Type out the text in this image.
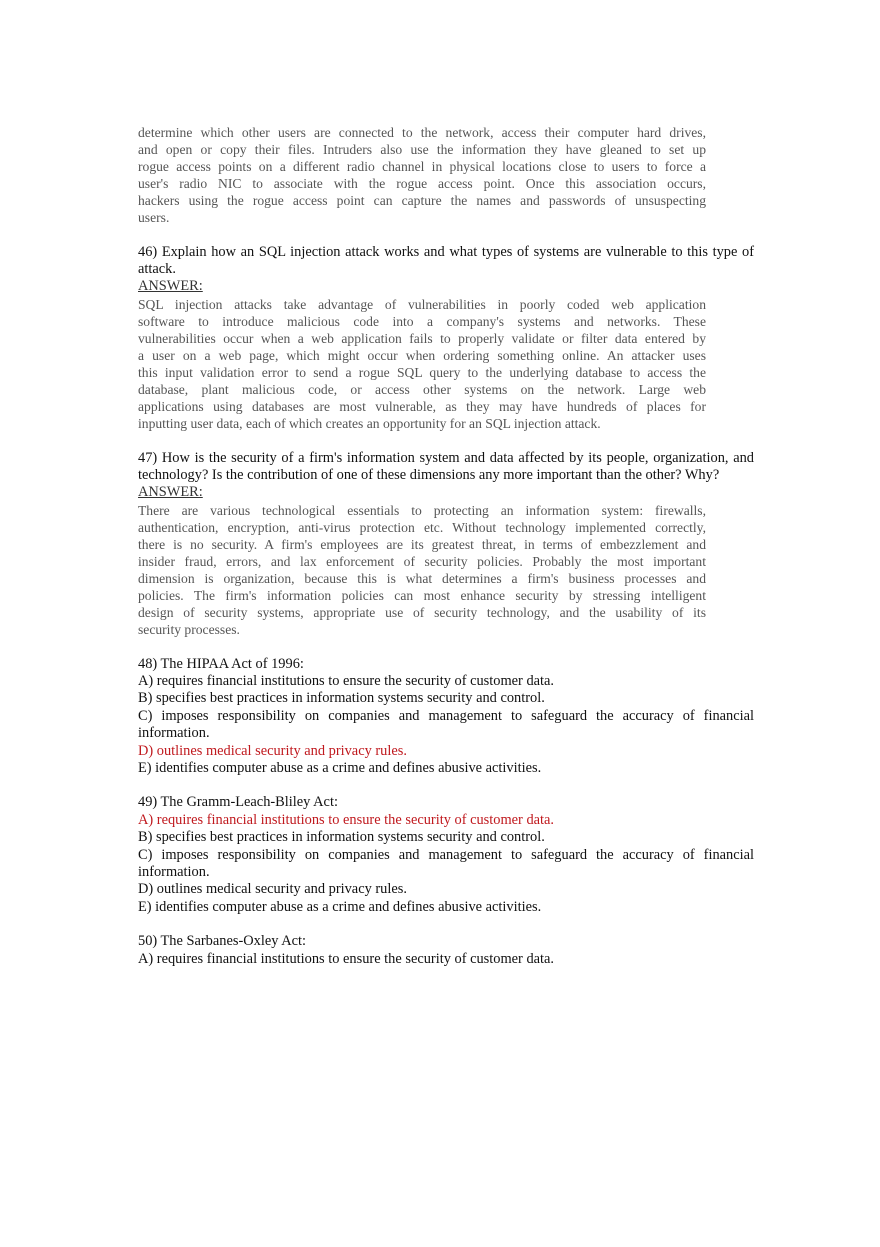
determine which other users are connected to the network, access their computer hard drives,
and open or copy their files. Intruders also use the information they have gleaned to set up
rogue access points on a different radio channel in physical locations close to users to force a
user's radio NIC to associate with the rogue access point. Once this association occurs,
hackers using the rogue access point can capture the names and passwords of unsuspecting
users.
46) Explain how an SQL injection attack works and what types of systems are vulnerable to this type of
attack.
ANSWER:
SQL injection attacks take advantage of vulnerabilities in poorly coded web application
software to introduce malicious code into a company's systems and networks. These
vulnerabilities occur when a web application fails to properly validate or filter data entered by
a user on a web page, which might occur when ordering something online. An attacker uses
this input validation error to send a rogue SQL query to the underlying database to access the
database, plant malicious code, or access other systems on the network. Large web
applications using databases are most vulnerable, as they may have hundreds of places for
inputting user data, each of which creates an opportunity for an SQL injection attack.
47) How is the security of a firm's information system and data affected by its people, organization, and
technology? Is the contribution of one of these dimensions any more important than the other? Why?
ANSWER:
There are various technological essentials to protecting an information system: firewalls,
authentication, encryption, anti-virus protection etc. Without technology implemented correctly,
there is no security. A firm's employees are its greatest threat, in terms of embezzlement and
insider fraud, errors, and lax enforcement of security policies. Probably the most important
dimension is organization, because this is what determines a firm's business processes and
policies. The firm's information policies can most enhance security by stressing intelligent
design of security systems, appropriate use of security technology, and the usability of its
security processes.
48) The HIPAA Act of 1996:
A) requires financial institutions to ensure the security of customer data.
B) specifies best practices in information systems security and control.
C) imposes responsibility on companies and management to safeguard the accuracy of financial
information.
D) outlines medical security and privacy rules.
E) identifies computer abuse as a crime and defines abusive activities.
49) The Gramm-Leach-Bliley Act:
A) requires financial institutions to ensure the security of customer data.
B) specifies best practices in information systems security and control.
C) imposes responsibility on companies and management to safeguard the accuracy of financial
information.
D) outlines medical security and privacy rules.
E) identifies computer abuse as a crime and defines abusive activities.
50) The Sarbanes-Oxley Act:
A) requires financial institutions to ensure the security of customer data.
